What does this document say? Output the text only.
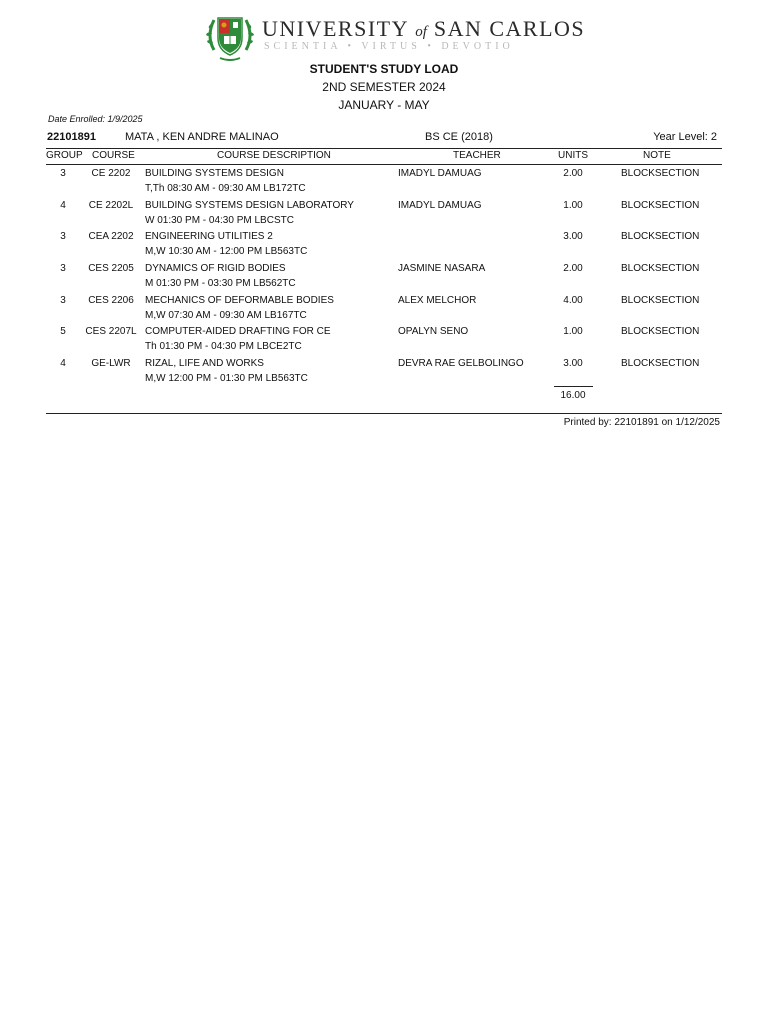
UNIVERSITY of SAN CARLOS
SCIENTIA • VIRTUS • DEVOTIO
STUDENT'S STUDY LOAD
2ND SEMESTER 2024
JANUARY - MAY
Date Enrolled: 1/9/2025
22101891	MATA , KEN ANDRE MALINAO	BS CE (2018)	Year Level: 2
GROUP COURSE	COURSE DESCRIPTION	TEACHER	UNITS	NOTE
3	CE 2202	BUILDING SYSTEMS DESIGN
T,Th 08:30 AM - 09:30 AM LB172TC
IMADYL DAMUAG	2.00	BLOCKSECTION
4	CE 2202L	BUILDING SYSTEMS DESIGN LABORATORY
W 01:30 PM - 04:30 PM LBCSTC
IMADYL DAMUAG	1.00	BLOCKSECTION
3	CEA 2202	ENGINEERING UTILITIES 2
M,W 10:30 AM - 12:00 PM LB563TC
3.00	BLOCKSECTION
3	CES 2205	DYNAMICS OF RIGID BODIES
M 01:30 PM - 03:30 PM LB562TC
JASMINE NASARA	2.00	BLOCKSECTION
3	CES 2206	MECHANICS OF DEFORMABLE BODIES
M,W 07:30 AM - 09:30 AM LB167TC
ALEX MELCHOR	4.00	BLOCKSECTION
5	CES 2207L COMPUTER-AIDED DRAFTING FOR CE
Th 01:30 PM - 04:30 PM LBCE2TC
OPALYN SENO	1.00	BLOCKSECTION
4	GE-LWR	RIZAL, LIFE AND WORKS
M,W 12:00 PM - 01:30 PM LB563TC
DEVRA RAE GELBOLINGO	3.00	BLOCKSECTION
16.00
Printed by: 22101891 on 1/12/2025
